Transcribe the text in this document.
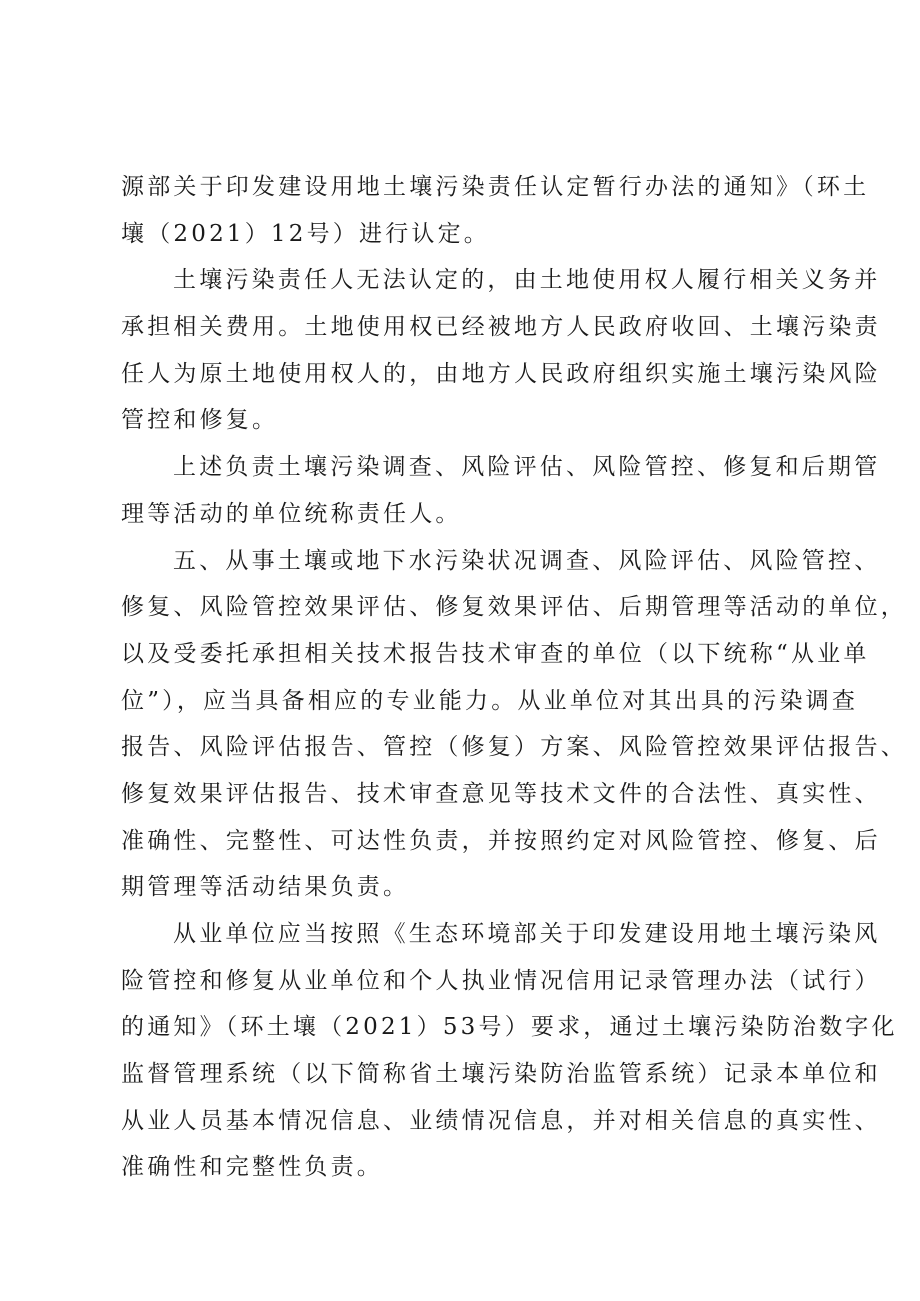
源部关于印发建设用地土壤污染责任认定暂行办法的通知》（环土
壤（2021）12号）进行认定。
土壤污染责任人无法认定的，由土地使用权人履行相关义务并
承担相关费用。土地使用权已经被地方人民政府收回、土壤污染责
任人为原土地使用权人的，由地方人民政府组织实施土壤污染风险
管控和修复。
上述负责土壤污染调查、风险评估、风险管控、修复和后期管
理等活动的单位统称责任人。
五、从事土壤或地下水污染状况调查、风险评估、风险管控、
修复、风险管控效果评估、修复效果评估、后期管理等活动的单位，
以及受委托承担相关技术报告技术审查的单位（以下统称“从业单
位”），应当具备相应的专业能力。从业单位对其出具的污染调查
报告、风险评估报告、管控（修复）方案、风险管控效果评估报告、
修复效果评估报告、技术审查意见等技术文件的合法性、真实性、
准确性、完整性、可达性负责，并按照约定对风险管控、修复、后
期管理等活动结果负责。
从业单位应当按照《生态环境部关于印发建设用地土壤污染风
险管控和修复从业单位和个人执业情况信用记录管理办法（试行）
的通知》（环土壤（2021）53号）要求，通过土壤污染防治数字化
监督管理系统（以下简称省土壤污染防治监管系统）记录本单位和
从业人员基本情况信息、业绩情况信息，并对相关信息的真实性、
准确性和完整性负责。
